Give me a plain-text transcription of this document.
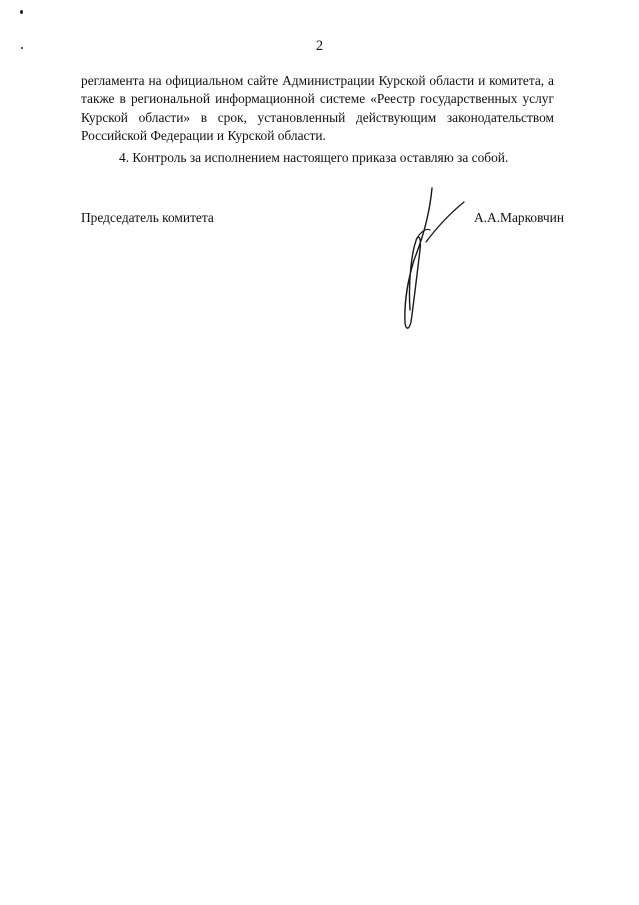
2

регламента на официальном сайте Администрации Курской области и комитета, а также в региональной информационной системе «Реестр государственных услуг Курской области» в срок, установленный действующим законодательством Российской Федерации и Курской области.

4. Контроль за исполнением настоящего приказа оставляю за собой.

Председатель комитета	А.А.Марковчин
